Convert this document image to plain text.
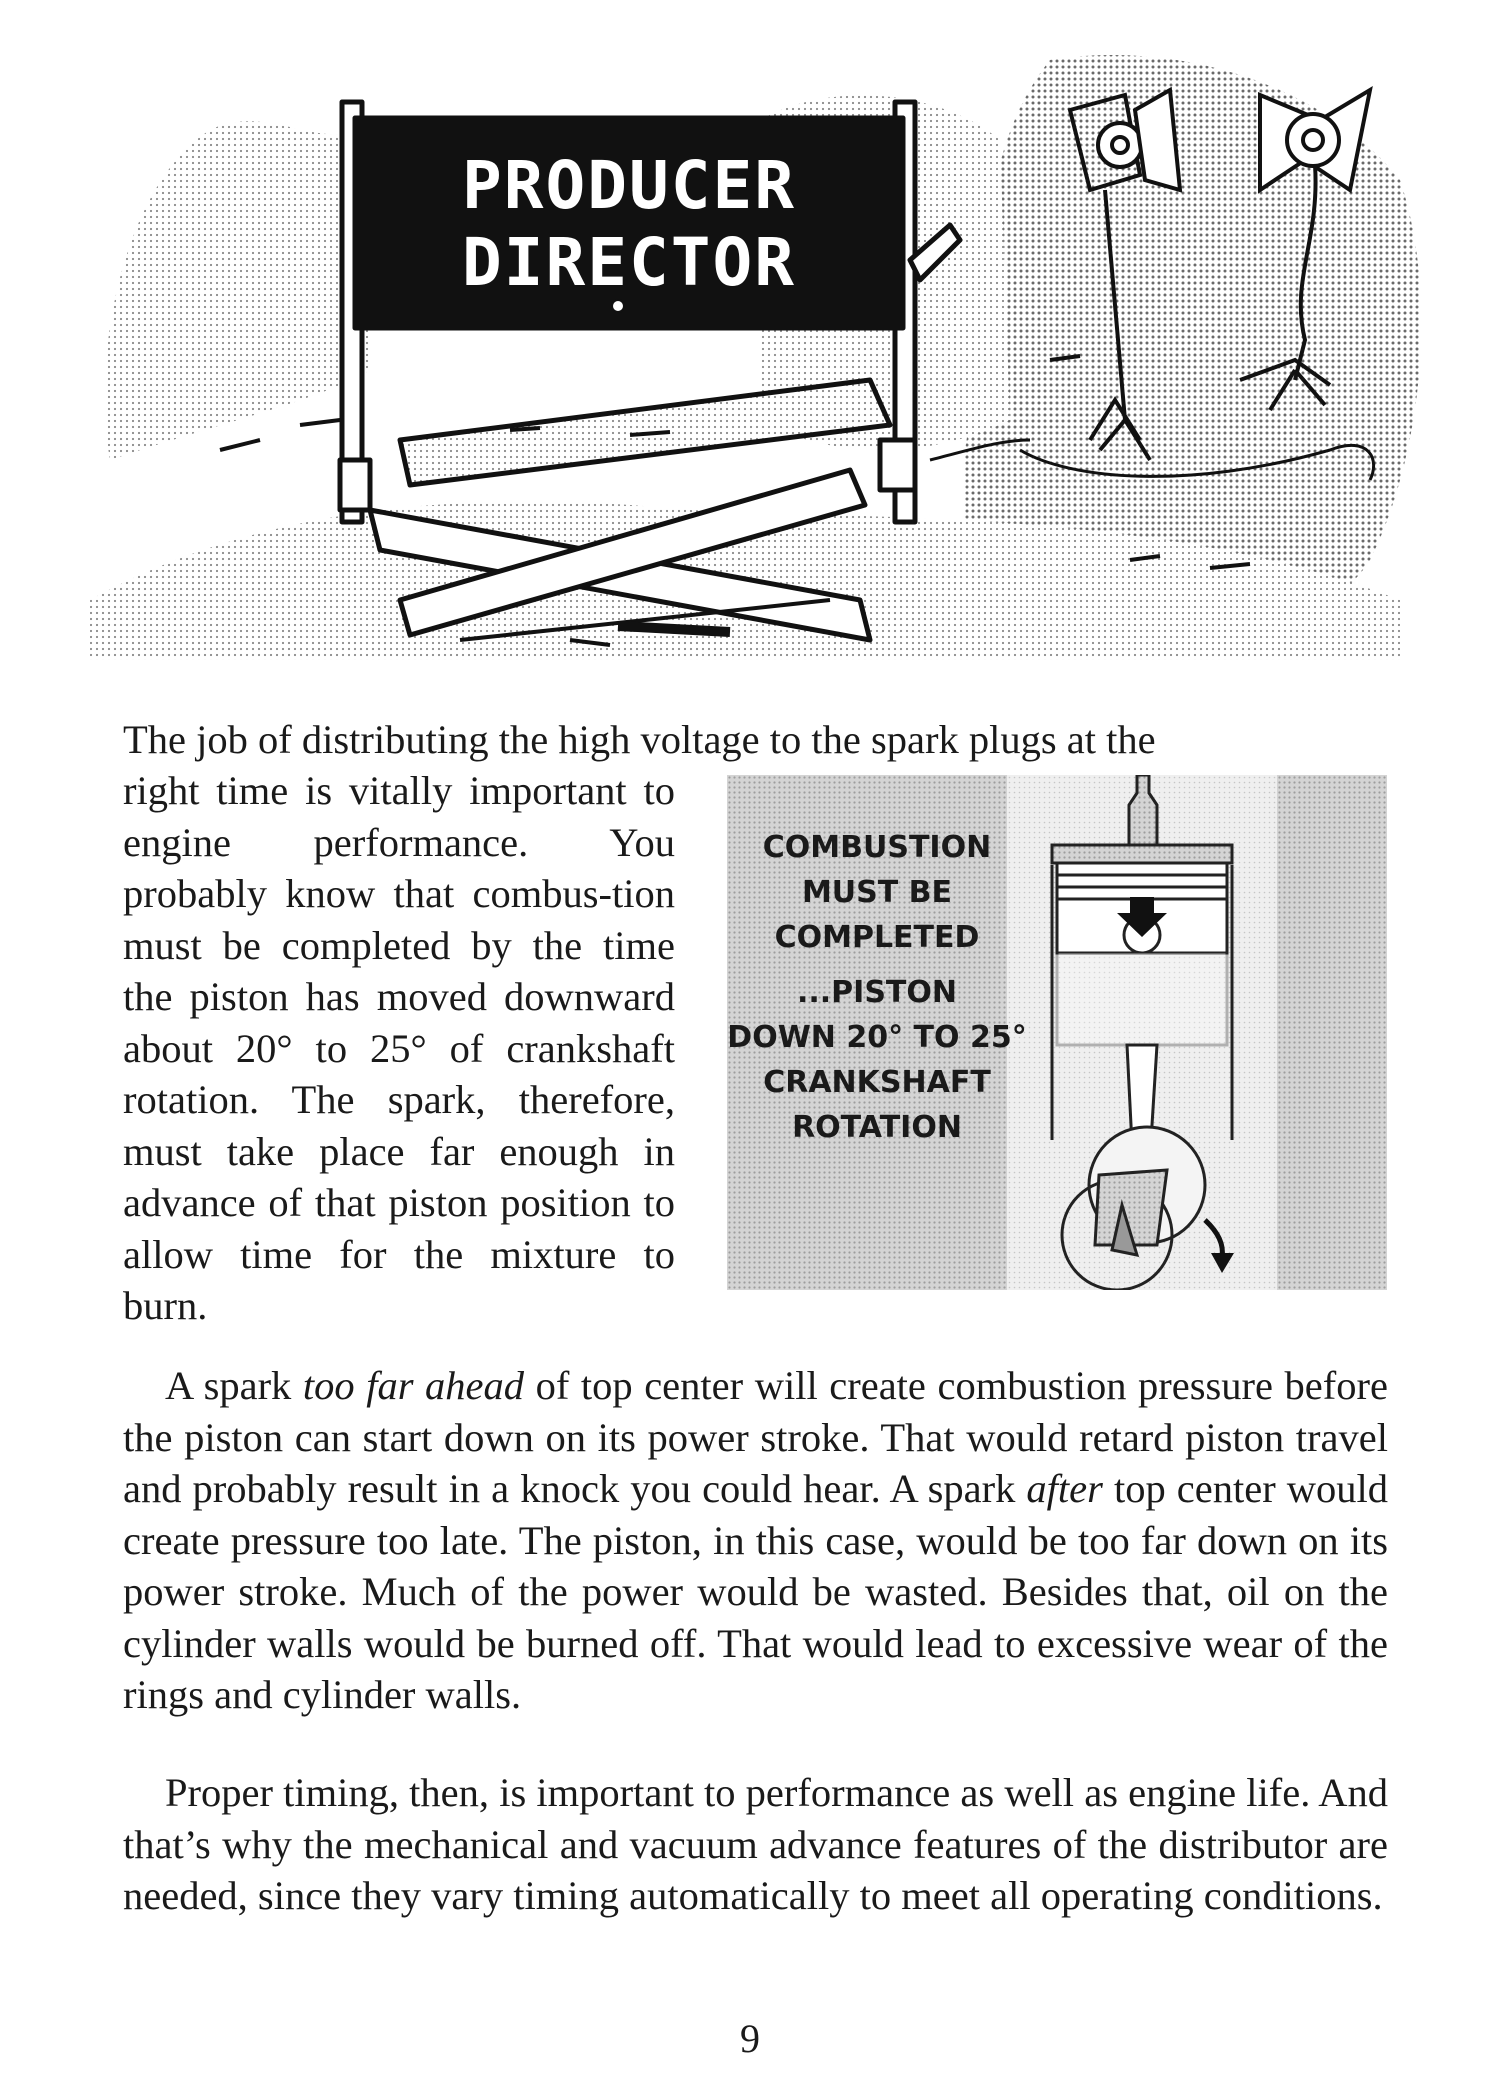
PRODUCER
DIRECTOR

The job of distributing the high voltage to the spark plugs at the

right time is vitally important to engine performance. You probably know that combus-tion must be completed by the time the piston has moved downward about 20° to 25° of crankshaft rotation. The spark, therefore, must take place far enough in advance of that piston position to allow time for the mixture to burn.

COMBUSTION
MUST BE
COMPLETED
...PISTON
DOWN 20° TO 25°
CRANKSHAFT
ROTATION

A spark too far ahead of top center will create combustion pressure before the piston can start down on its power stroke. That would retard piston travel and probably result in a knock you could hear. A spark after top center would create pressure too late. The piston, in this case, would be too far down on its power stroke. Much of the power would be wasted. Besides that, oil on the cylinder walls would be burned off. That would lead to excessive wear of the rings and cylinder walls.

Proper timing, then, is important to performance as well as engine life. And that’s why the mechanical and vacuum advance features of the distributor are needed, since they vary timing automatically to meet all operating conditions.

9
